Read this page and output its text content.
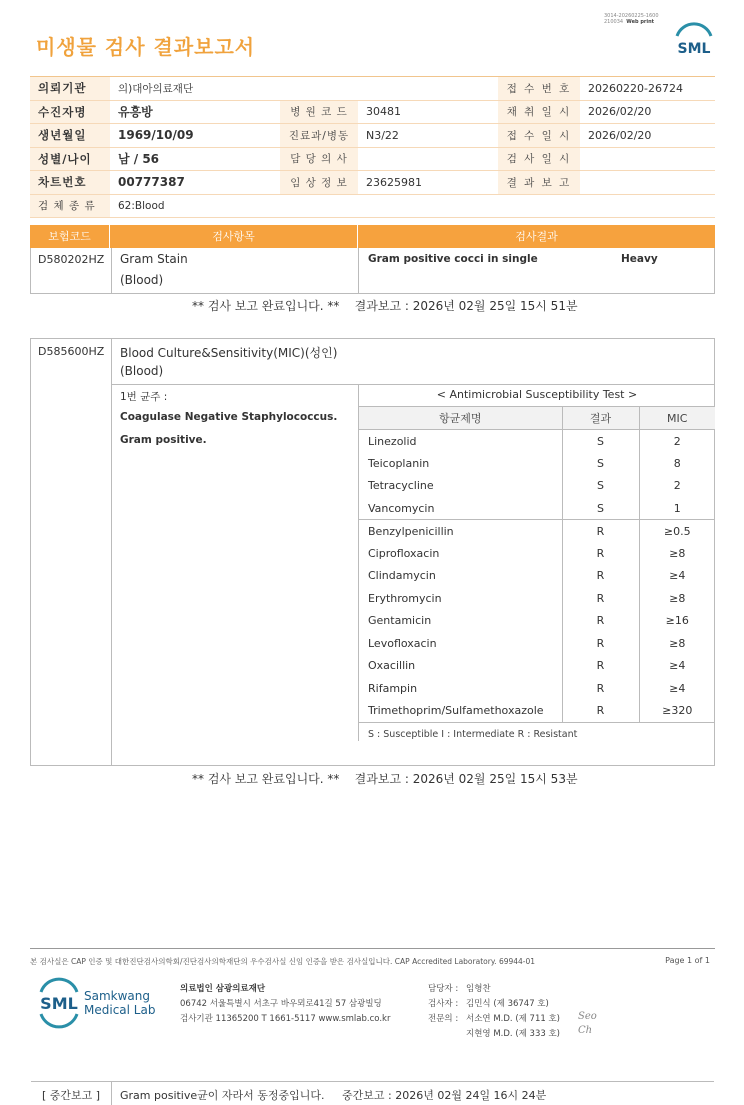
3014-20260225-1600
210034 Web print
미생물 검사 결과보고서	SML
의뢰기관	의)대아의료재단			접 수 번 호	20260220-26724
수진자명	유흥방	병 원 코 드	30481	채 취 일 시	2026/02/20
생년월일	1969/10/09	진료과/병동	N3/22	접 수 일 시	2026/02/20
성별/나이	남 / 56	담 당 의 사		검 사 일 시	
차트번호	00777387	임 상 정 보	23625981	결 과 보 고	
검 체 종 류	62:Blood				
보험코드	검사항목	검사결과
D580202HZ Gram Stain
(Blood)
Gram positive cocci in single	Heavy
** 검사 보고 완료입니다. ** 결과보고 : 2026년 02월 25일 15시 51분
D585600HZ Blood Culture&Sensitivity(MIC)(성인)
(Blood)
1번 균주 :
Coagulase Negative Staphylococcus.
Gram positive.
< Antimicrobial Susceptibility Test >
항균제명	결과	MIC
Linezolid	S	2
Teicoplanin	S	8
Tetracycline	S	2
Vancomycin	S	1
Benzylpenicillin	R	≥0.5
Ciprofloxacin	R	≥8
Clindamycin	R	≥4
Erythromycin	R	≥8
Gentamicin	R	≥16
Levofloxacin	R	≥8
Oxacillin	R	≥4
Rifampin	R	≥4
Trimethoprim/Sulfamethoxazole	R	≥320
S : Susceptible I : Intermediate R : Resistant
[ 중간보고 ]	Gram positive균이 자라서 동정중입니다.     중간보고 : 2026년 02월 24일 16시 24분
** 검사 보고 완료입니다. ** 결과보고 : 2026년 02월 25일 15시 53분
본 검사실은 CAP 인증 및 대한진단검사의학회/진단검사의학재단의 우수검사실 신임 인증을 받은 검사실입니다. CAP Accredited Laboratory. 69944-01	Page 1 of 1
SML Samkwang
Medical Lab
의료법인 삼광의료재단
06742 서울특별시 서초구 바우뫼로41길 57 삼광빌딩
검사기관 11365200 T 1661-5117 www.smlab.co.kr
담당자 : 임형찬
검사자 : 김민식 (제 36747 호)
전문의 : 서소연 M.D. (제 711 호)
지현영 M.D. (제 333 호)
Seo
Ch
